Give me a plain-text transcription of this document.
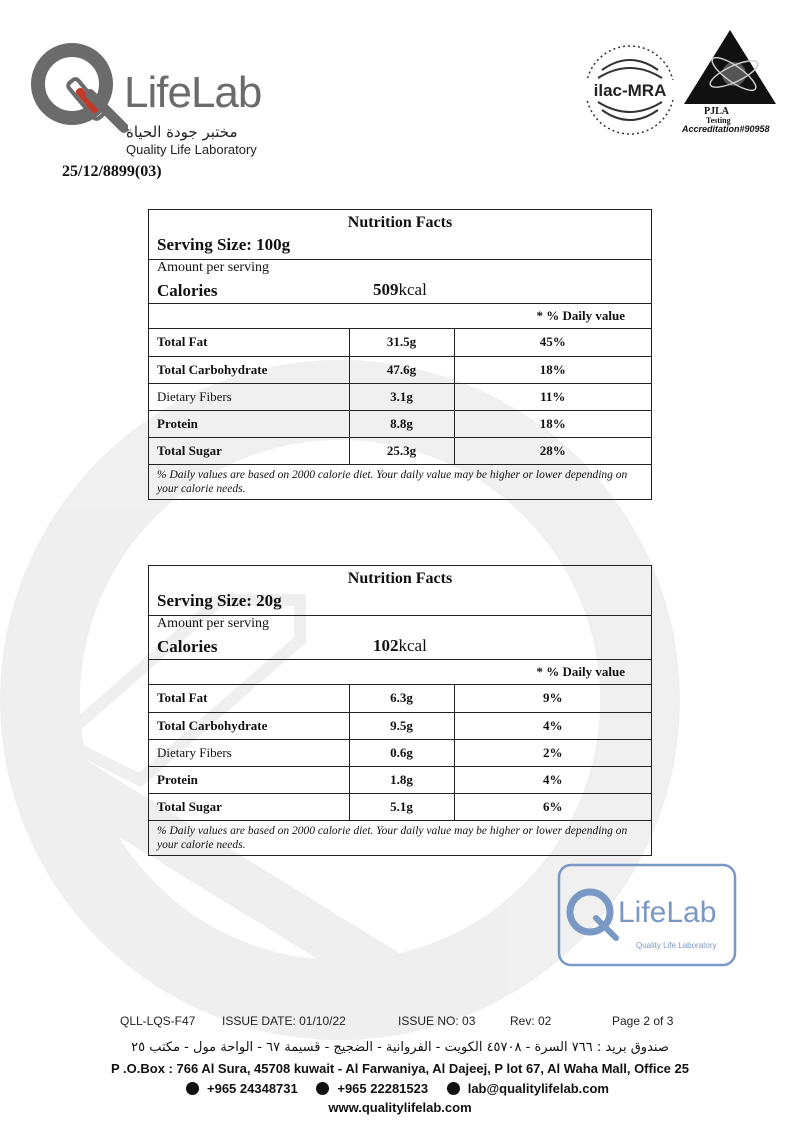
LifeLab
مختبر جودة الحياة
Quality Life Laboratory
ilac-MRA
PJLA
Testing
Accreditation#90958
25/12/8899(03)
Nutrition Facts
Serving Size: 100g
Amount per serving
Calories	509kcal
* % Daily value
Total Fat	31.5g	45%
Total Carbohydrate	47.6g	18%
Dietary Fibers	3.1g	11%
Protein	8.8g	18%
Total Sugar	25.3g	28%
% Daily values are based on 2000 calorie diet. Your daily value may be higher or lower depending on your calorie needs.
Nutrition Facts
Serving Size: 20g
Amount per serving
Calories	102kcal
* % Daily value
Total Fat	6.3g	9%
Total Carbohydrate	9.5g	4%
Dietary Fibers	0.6g	2%
Protein	1.8g	4%
Total Sugar	5.1g	6%
% Daily values are based on 2000 calorie diet. Your daily value may be higher or lower depending on your calorie needs.
LifeLab
Quality Life Laboratory
QLL-LQS-F47 ISSUE DATE: 01/10/22	ISSUE NO: 03	Rev: 02	Page 2 of 3
صندوق بريد : ٧٦٦ السرة - ٤٥٧٠٨ الكويت - الفروانية - الضجيج - قسيمة ٦٧ - الواحة مول - مكتب ٢٥
P .O.Box : 766 Al Sura, 45708 kuwait - Al Farwaniya, Al Dajeej, P lot 67, Al Waha Mall, Office 25
+965 24348731	+965 22281523	lab@qualitylifelab.com
www.qualitylifelab.com
